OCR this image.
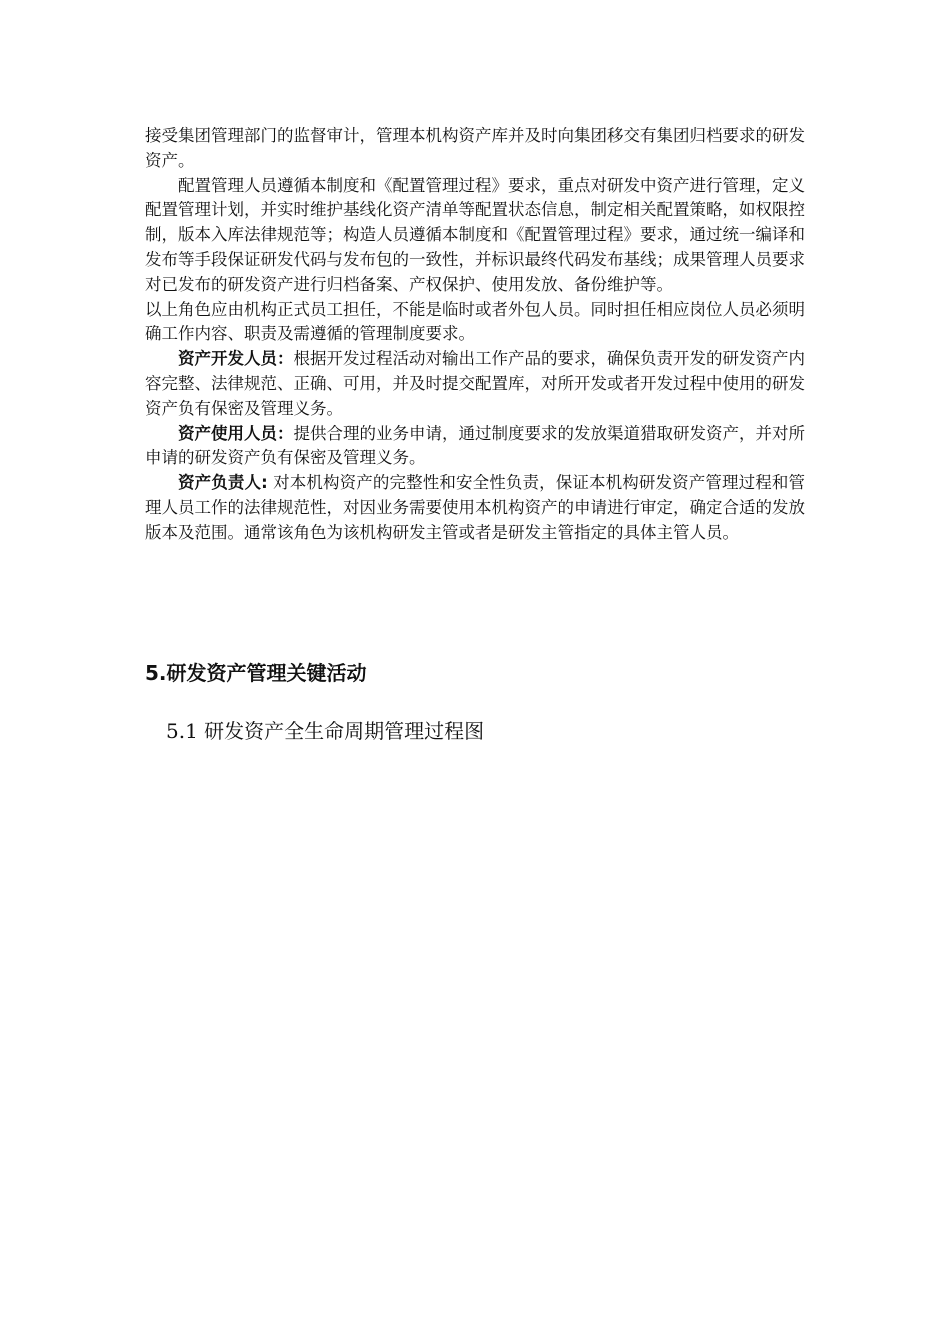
接受集团管理部门的监督审计，管理本机构资产库并及时向集团移交有集团归档要求的研发资产。

配置管理人员遵循本制度和《配置管理过程》要求，重点对研发中资产进行管理，定义配置管理计划，并实时维护基线化资产清单等配置状态信息，制定相关配置策略，如权限控制，版本入库法律规范等；构造人员遵循本制度和《配置管理过程》要求，通过统一编译和发布等手段保证研发代码与发布包的一致性，并标识最终代码发布基线；成果管理人员要求对已发布的研发资产进行归档备案、产权保护、使用发放、备份维护等。

以上角色应由机构正式员工担任，不能是临时或者外包人员。同时担任相应岗位人员必须明确工作内容、职责及需遵循的管理制度要求。

资产开发人员：根据开发过程活动对输出工作产品的要求，确保负责开发的研发资产内容完整、法律规范、正确、可用，并及时提交配置库，对所开发或者开发过程中使用的研发资产负有保密及管理义务。

资产使用人员：提供合理的业务申请，通过制度要求的发放渠道猎取研发资产，并对所申请的研发资产负有保密及管理义务。

资产负责人: 对本机构资产的完整性和安全性负责，保证本机构研发资产管理过程和管理人员工作的法律规范性，对因业务需要使用本机构资产的申请进行审定，确定合适的发放版本及范围。通常该角色为该机构研发主管或者是研发主管指定的具体主管人员。

5.研发资产管理关键活动
5.1 研发资产全生命周期管理过程图
